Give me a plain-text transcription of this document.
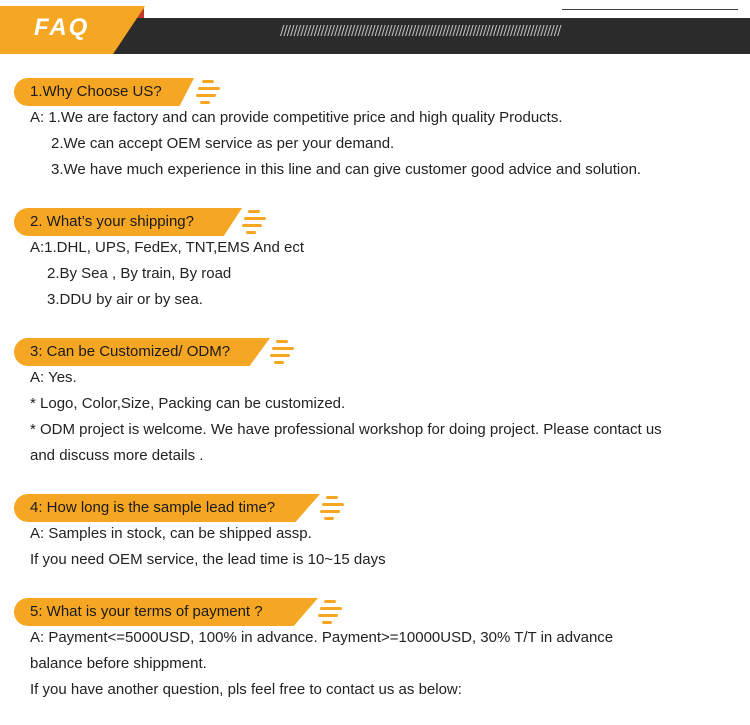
///////////////////////////////////////////////////////////////////////////////////
FAQ
1.Why Choose US?
A: 1.We are factory and can provide competitive price and high quality Products.
2.We can accept OEM service as per your demand.
3.We have much experience in this line and can give customer good advice and solution.
2. What’s your shipping?
A:1.DHL, UPS, FedEx, TNT,EMS And ect
2.By Sea , By train, By road
3.DDU by air or by sea.
3: Can be Customized/ ODM?
A: Yes.
* Logo, Color,Size, Packing can be customized.
* ODM project is welcome. We have professional workshop for doing project. Please contact us
and discuss more details .
4: How long is the sample lead time?
A: Samples in stock, can be shipped assp.
If you need OEM service, the lead time is 10~15 days
5: What is your terms of payment ?
A: Payment<=5000USD, 100% in advance. Payment>=10000USD, 30% T/T in advance
balance before shippment.
If you have another question, pls feel free to contact us as below:
